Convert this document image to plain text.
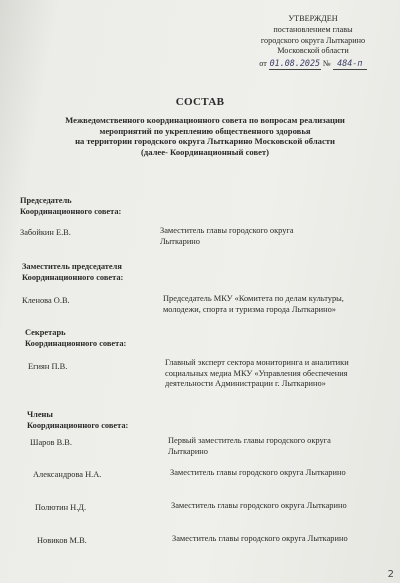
УТВЕРЖДЕН
постановлением главы
городского округа Лыткарино
Московской области
от 01.08.2025 № 484-п
СОСТАВ
Межведомственного координационного совета по вопросам реализации
мероприятий по укреплению общественного здоровья
на территории городского округа Лыткарино Московской области
(далее- Координационный совет)
Председатель
Координационного совета:
Забойкин Е.В.	Заместитель главы городского округа Лыткарино
Заместитель председателя
Координационного совета:
Кленова О.В.	Председатель МКУ «Комитета по делам культуры, молодежи, спорта и туризма города Лыткарино»
Секретарь
Координационного совета:
Егиян П.В.	Главный эксперт сектора мониторинга и аналитики социальных медиа МКУ «Управления обеспечения деятельности Администрации г. Лыткарино»
Члены
Координационного совета:
Шаров В.В.	Первый заместитель главы городского округа Лыткарино
Александрова Н.А.	Заместитель главы городского округа Лыткарино
Полютин Н.Д.	Заместитель главы городского округа Лыткарино
Новиков М.В.	Заместитель главы городского округа Лыткарино
2
